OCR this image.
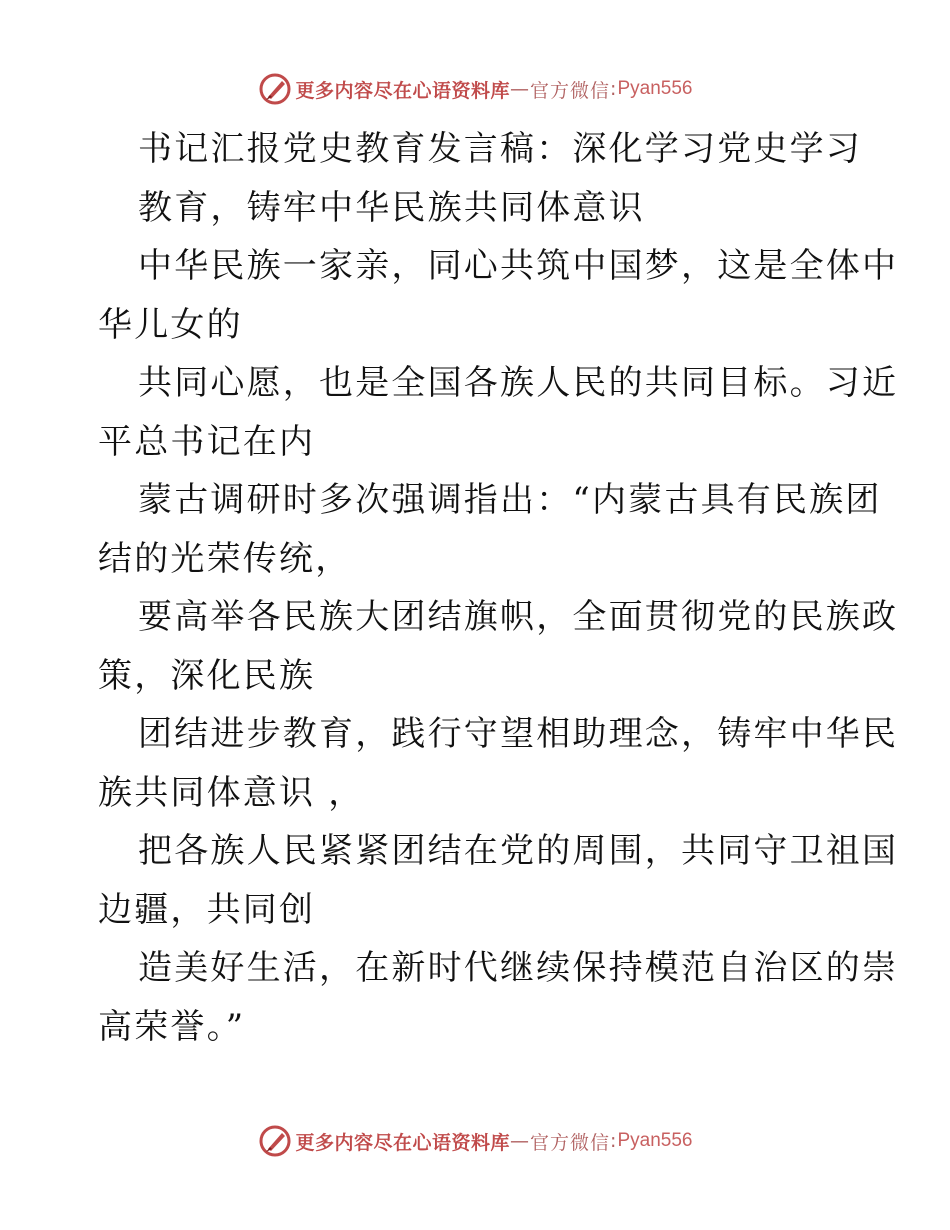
更多内容尽在心语资料库 — 官方微信 : Pyan556
书记汇报党史教育发言稿：深化学习党史学习
教育，铸牢中华民族共同体意识
中华民族一家亲，同心共筑中国梦，这是全体中
华儿女的
共同心愿，也是全国各族人民的共同目标。习近
平总书记在内
蒙古调研时多次强调指出：“内蒙古具有民族团
结的光荣传统，
要高举各民族大团结旗帜，全面贯彻党的民族政
策，深化民族
团结进步教育，践行守望相助理念，铸牢中华民
族共同体意识 ，
把各族人民紧紧团结在党的周围，共同守卫祖国
边疆，共同创
造美好生活，在新时代继续保持模范自治区的崇
高荣誉。”
更多内容尽在心语资料库 — 官方微信 : Pyan556
